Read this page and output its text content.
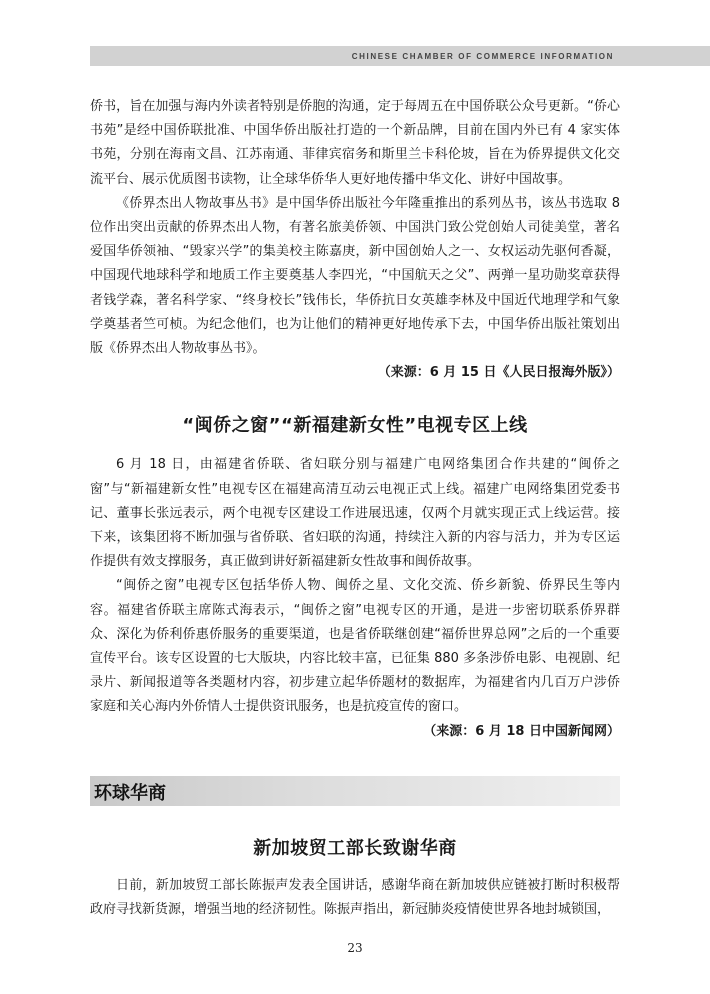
CHINESE CHAMBER OF COMMERCE INFORMATION

侨书，旨在加强与海内外读者特别是侨胞的沟通，定于每周五在中国侨联公众号更新。“侨心书苑”是经中国侨联批准、中国华侨出版社打造的一个新品牌，目前在国内外已有 4 家实体书苑，分别在海南文昌、江苏南通、菲律宾宿务和斯里兰卡科伦坡，旨在为侨界提供文化交流平台、展示优质图书读物，让全球华侨华人更好地传播中华文化、讲好中国故事。

《侨界杰出人物故事丛书》是中国华侨出版社今年隆重推出的系列丛书，该丛书选取 8 位作出突出贡献的侨界杰出人物，有著名旅美侨领、中国洪门致公党创始人司徒美堂，著名爱国华侨领袖、“毁家兴学”的集美校主陈嘉庚，新中国创始人之一、女权运动先驱何香凝，中国现代地球科学和地质工作主要奠基人李四光，“中国航天之父”、两弹一星功勋奖章获得者钱学森，著名科学家、“终身校长”钱伟长，华侨抗日女英雄李林及中国近代地理学和气象学奠基者竺可桢。为纪念他们，也为让他们的精神更好地传承下去，中国华侨出版社策划出版《侨界杰出人物故事丛书》。

（来源：6 月 15 日《人民日报海外版》）

“闽侨之窗”“新福建新女性”电视专区上线

6 月 18 日，由福建省侨联、省妇联分别与福建广电网络集团合作共建的“闽侨之窗”与“新福建新女性”电视专区在福建高清互动云电视正式上线。福建广电网络集团党委书记、董事长张远表示，两个电视专区建设工作进展迅速，仅两个月就实现正式上线运营。接下来，该集团将不断加强与省侨联、省妇联的沟通，持续注入新的内容与活力，并为专区运作提供有效支撑服务，真正做到讲好新福建新女性故事和闽侨故事。

“闽侨之窗”电视专区包括华侨人物、闽侨之星、文化交流、侨乡新貌、侨界民生等内容。福建省侨联主席陈式海表示，“闽侨之窗”电视专区的开通，是进一步密切联系侨界群众、深化为侨利侨惠侨服务的重要渠道，也是省侨联继创建“福侨世界总网”之后的一个重要宣传平台。该专区设置的七大版块，内容比较丰富，已征集 880 多条涉侨电影、电视剧、纪录片、新闻报道等各类题材内容，初步建立起华侨题材的数据库，为福建省内几百万户涉侨家庭和关心海内外侨情人士提供资讯服务，也是抗疫宣传的窗口。

（来源：6 月 18 日中国新闻网）

环球华商
新加坡贸工部长致谢华商

日前，新加坡贸工部长陈振声发表全国讲话，感谢华商在新加坡供应链被打断时积极帮政府寻找新货源，增强当地的经济韧性。陈振声指出，新冠肺炎疫情使世界各地封城锁国，

23
